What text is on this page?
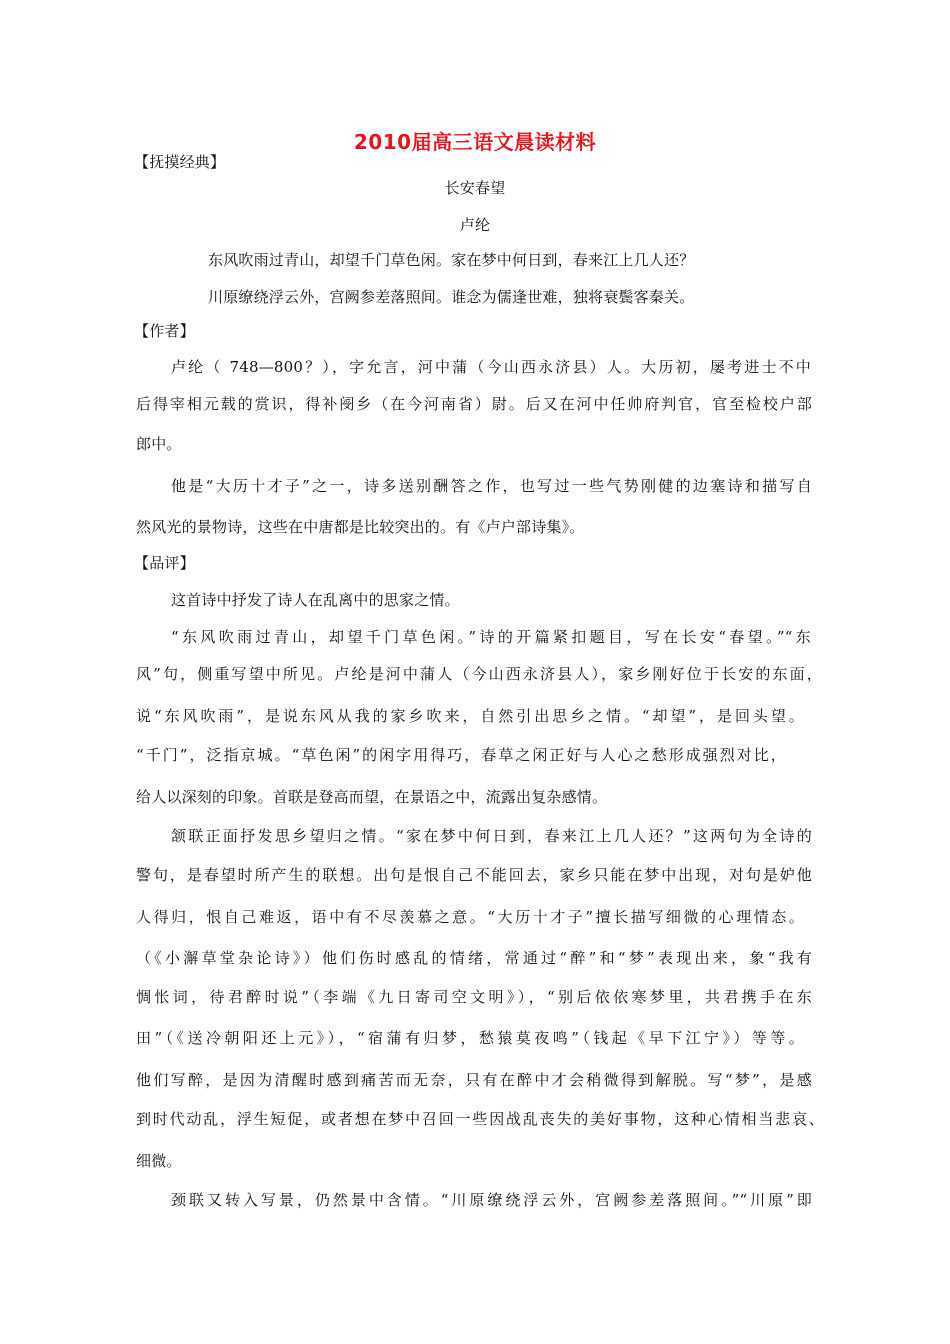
2010届高三语文晨读材料
【抚摸经典】
长安春望
卢纶
东风吹雨过青山，却望千门草色闲。家在梦中何日到，春来江上几人还？
川原缭绕浮云外，宫阙参差落照间。谁念为儒逢世难，独将衰鬓客秦关。
【作者】
卢纶（ 748—800？），字允言，河中蒲（今山西永济县）人。大历初，屡考进士不中
后得宰相元载的赏识，得补阌乡（在今河南省）尉。后又在河中任帅府判官，官至检校户部
郎中。
他是“大历十才子”之一，诗多送别酬答之作，也写过一些气势刚健的边塞诗和描写自
然风光的景物诗，这些在中唐都是比较突出的。有《卢户部诗集》。
【品评】
这首诗中抒发了诗人在乱离中的思家之情。
“东风吹雨过青山，却望千门草色闲。”诗的开篇紧扣题目，写在长安“春望。”“东
风”句，侧重写望中所见。卢纶是河中蒲人（今山西永济县人），家乡刚好位于长安的东面，
说“东风吹雨”，是说东风从我的家乡吹来，自然引出思乡之情。“却望”，是回头望。
“千门”，泛指京城。“草色闲”的闲字用得巧，春草之闲正好与人心之愁形成强烈对比，
给人以深刻的印象。首联是登高而望，在景语之中，流露出复杂感情。
颔联正面抒发思乡望归之情。“家在梦中何日到，春来江上几人还？”这两句为全诗的
警句，是春望时所产生的联想。出句是恨自己不能回去，家乡只能在梦中出现，对句是妒他
人得归，恨自己难返，语中有不尽羡慕之意。“大历十才子”擅长描写细微的心理情态。
（《小澥草堂杂论诗》）他们伤时感乱的情绪，常通过“醉”和“梦”表现出来，象“我有
惆怅词，待君醉时说”（李端《九日寄司空文明》），“别后依依寒梦里，共君携手在东
田”（《送冷朝阳还上元》），“宿蒲有归梦，愁猿莫夜鸣”（钱起《早下江宁》）等等。
他们写醉，是因为清醒时感到痛苦而无奈，只有在醉中才会稍微得到解脱。写“梦”，是感
到时代动乱，浮生短促，或者想在梦中召回一些因战乱丧失的美好事物，这种心情相当悲哀、
细微。
颈联又转入写景，仍然景中含情。“川原缭绕浮云外，宫阙参差落照间。”“川原”即
